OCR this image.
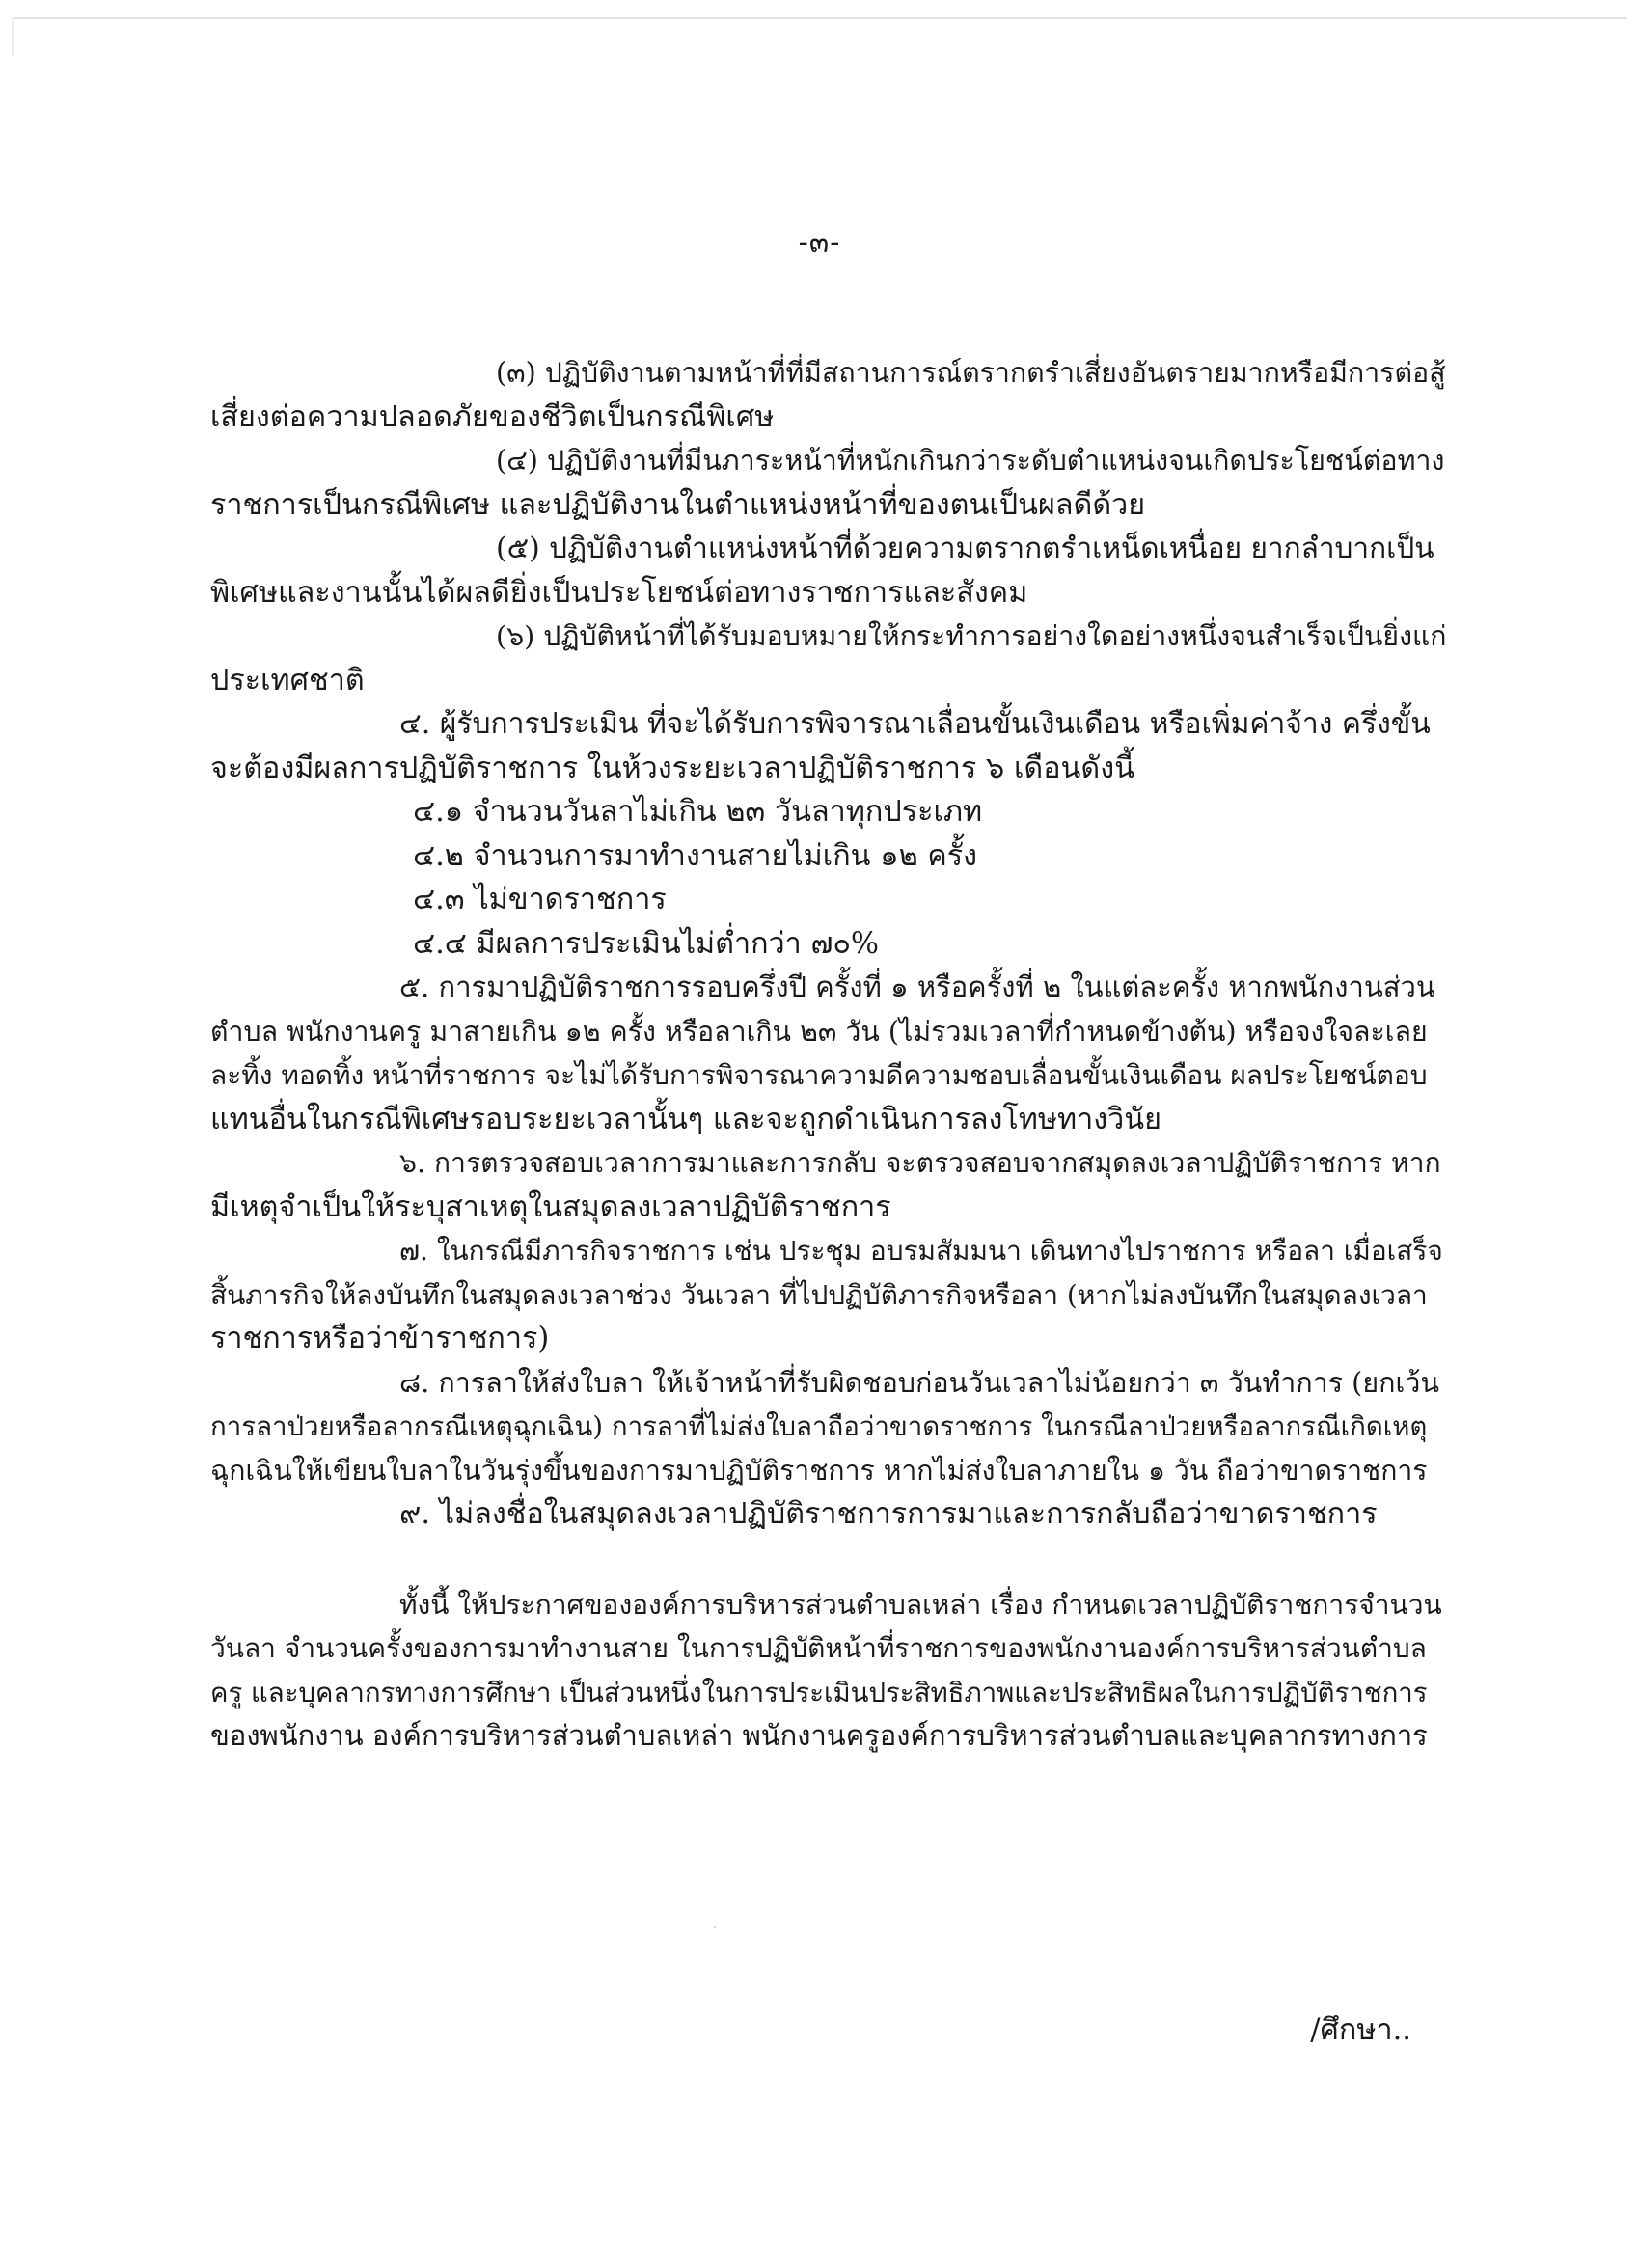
-๓-
(๓) ปฏิบัติงานตามหน้าที่ที่มีสถานการณ์ตรากตรำเสี่ยงอันตรายมากหรือมีการต่อสู้
เสี่ยงต่อความปลอดภัยของชีวิตเป็นกรณีพิเศษ
(๔) ปฏิบัติงานที่มีนภาระหน้าที่หนักเกินกว่าระดับตำแหน่งจนเกิดประโยชน์ต่อทาง
ราชการเป็นกรณีพิเศษ และปฏิบัติงานในตำแหน่งหน้าที่ของตนเป็นผลดีด้วย
(๕) ปฏิบัติงานตำแหน่งหน้าที่ด้วยความตรากตรำเหน็ดเหนื่อย ยากลำบากเป็น
พิเศษและงานนั้นได้ผลดียิ่งเป็นประโยชน์ต่อทางราชการและสังคม
(๖) ปฏิบัติหน้าที่ได้รับมอบหมายให้กระทำการอย่างใดอย่างหนึ่งจนสำเร็จเป็นยิ่งแก่
ประเทศชาติ
๔. ผู้รับการประเมิน ที่จะได้รับการพิจารณาเลื่อนขั้นเงินเดือน หรือเพิ่มค่าจ้าง ครึ่งขั้น
จะต้องมีผลการปฏิบัติราชการ ในห้วงระยะเวลาปฏิบัติราชการ ๖ เดือนดังนี้
๔.๑ จำนวนวันลาไม่เกิน ๒๓ วันลาทุกประเภท
๔.๒ จำนวนการมาทำงานสายไม่เกิน ๑๒ ครั้ง
๔.๓ ไม่ขาดราชการ
๔.๔ มีผลการประเมินไม่ต่ำกว่า ๗๐%
๕. การมาปฏิบัติราชการรอบครึ่งปี ครั้งที่ ๑ หรือครั้งที่ ๒ ในแต่ละครั้ง หากพนักงานส่วน
ตำบล พนักงานครู มาสายเกิน ๑๒ ครั้ง หรือลาเกิน ๒๓ วัน (ไม่รวมเวลาที่กำหนดข้างต้น) หรือจงใจละเลย
ละทิ้ง ทอดทิ้ง หน้าที่ราชการ จะไม่ได้รับการพิจารณาความดีความชอบเลื่อนขั้นเงินเดือน ผลประโยชน์ตอบ
แทนอื่นในกรณีพิเศษรอบระยะเวลานั้นๆ และจะถูกดำเนินการลงโทษทางวินัย
๖. การตรวจสอบเวลาการมาและการกลับ จะตรวจสอบจากสมุดลงเวลาปฏิบัติราชการ หาก
มีเหตุจำเป็นให้ระบุสาเหตุในสมุดลงเวลาปฏิบัติราชการ
๗. ในกรณีมีภารกิจราชการ เช่น ประชุม อบรมสัมมนา เดินทางไปราชการ หรือลา เมื่อเสร็จ
สิ้นภารกิจให้ลงบันทึกในสมุดลงเวลาช่วง วันเวลา ที่ไปปฏิบัติภารกิจหรือลา (หากไม่ลงบันทึกในสมุดลงเวลา
ราชการหรือว่าข้าราชการ)
๘. การลาให้ส่งใบลา ให้เจ้าหน้าที่รับผิดชอบก่อนวันเวลาไม่น้อยกว่า ๓ วันทำการ (ยกเว้น
การลาป่วยหรือลากรณีเหตุฉุกเฉิน) การลาที่ไม่ส่งใบลาถือว่าขาดราชการ ในกรณีลาป่วยหรือลากรณีเกิดเหตุ
ฉุกเฉินให้เขียนใบลาในวันรุ่งขึ้นของการมาปฏิบัติราชการ หากไม่ส่งใบลาภายใน ๑ วัน ถือว่าขาดราชการ
๙. ไม่ลงชื่อในสมุดลงเวลาปฏิบัติราชการการมาและการกลับถือว่าขาดราชการ
ทั้งนี้ ให้ประกาศขององค์การบริหารส่วนตำบลเหล่า เรื่อง กำหนดเวลาปฏิบัติราชการจำนวน
วันลา จำนวนครั้งของการมาทำงานสาย ในการปฏิบัติหน้าที่ราชการของพนักงานองค์การบริหารส่วนตำบล
ครู และบุคลากรทางการศึกษา เป็นส่วนหนึ่งในการประเมินประสิทธิภาพและประสิทธิผลในการปฏิบัติราชการ
ของพนักงาน องค์การบริหารส่วนตำบลเหล่า พนักงานครูองค์การบริหารส่วนตำบลและบุคลากรทางการ
/ศึกษา..
